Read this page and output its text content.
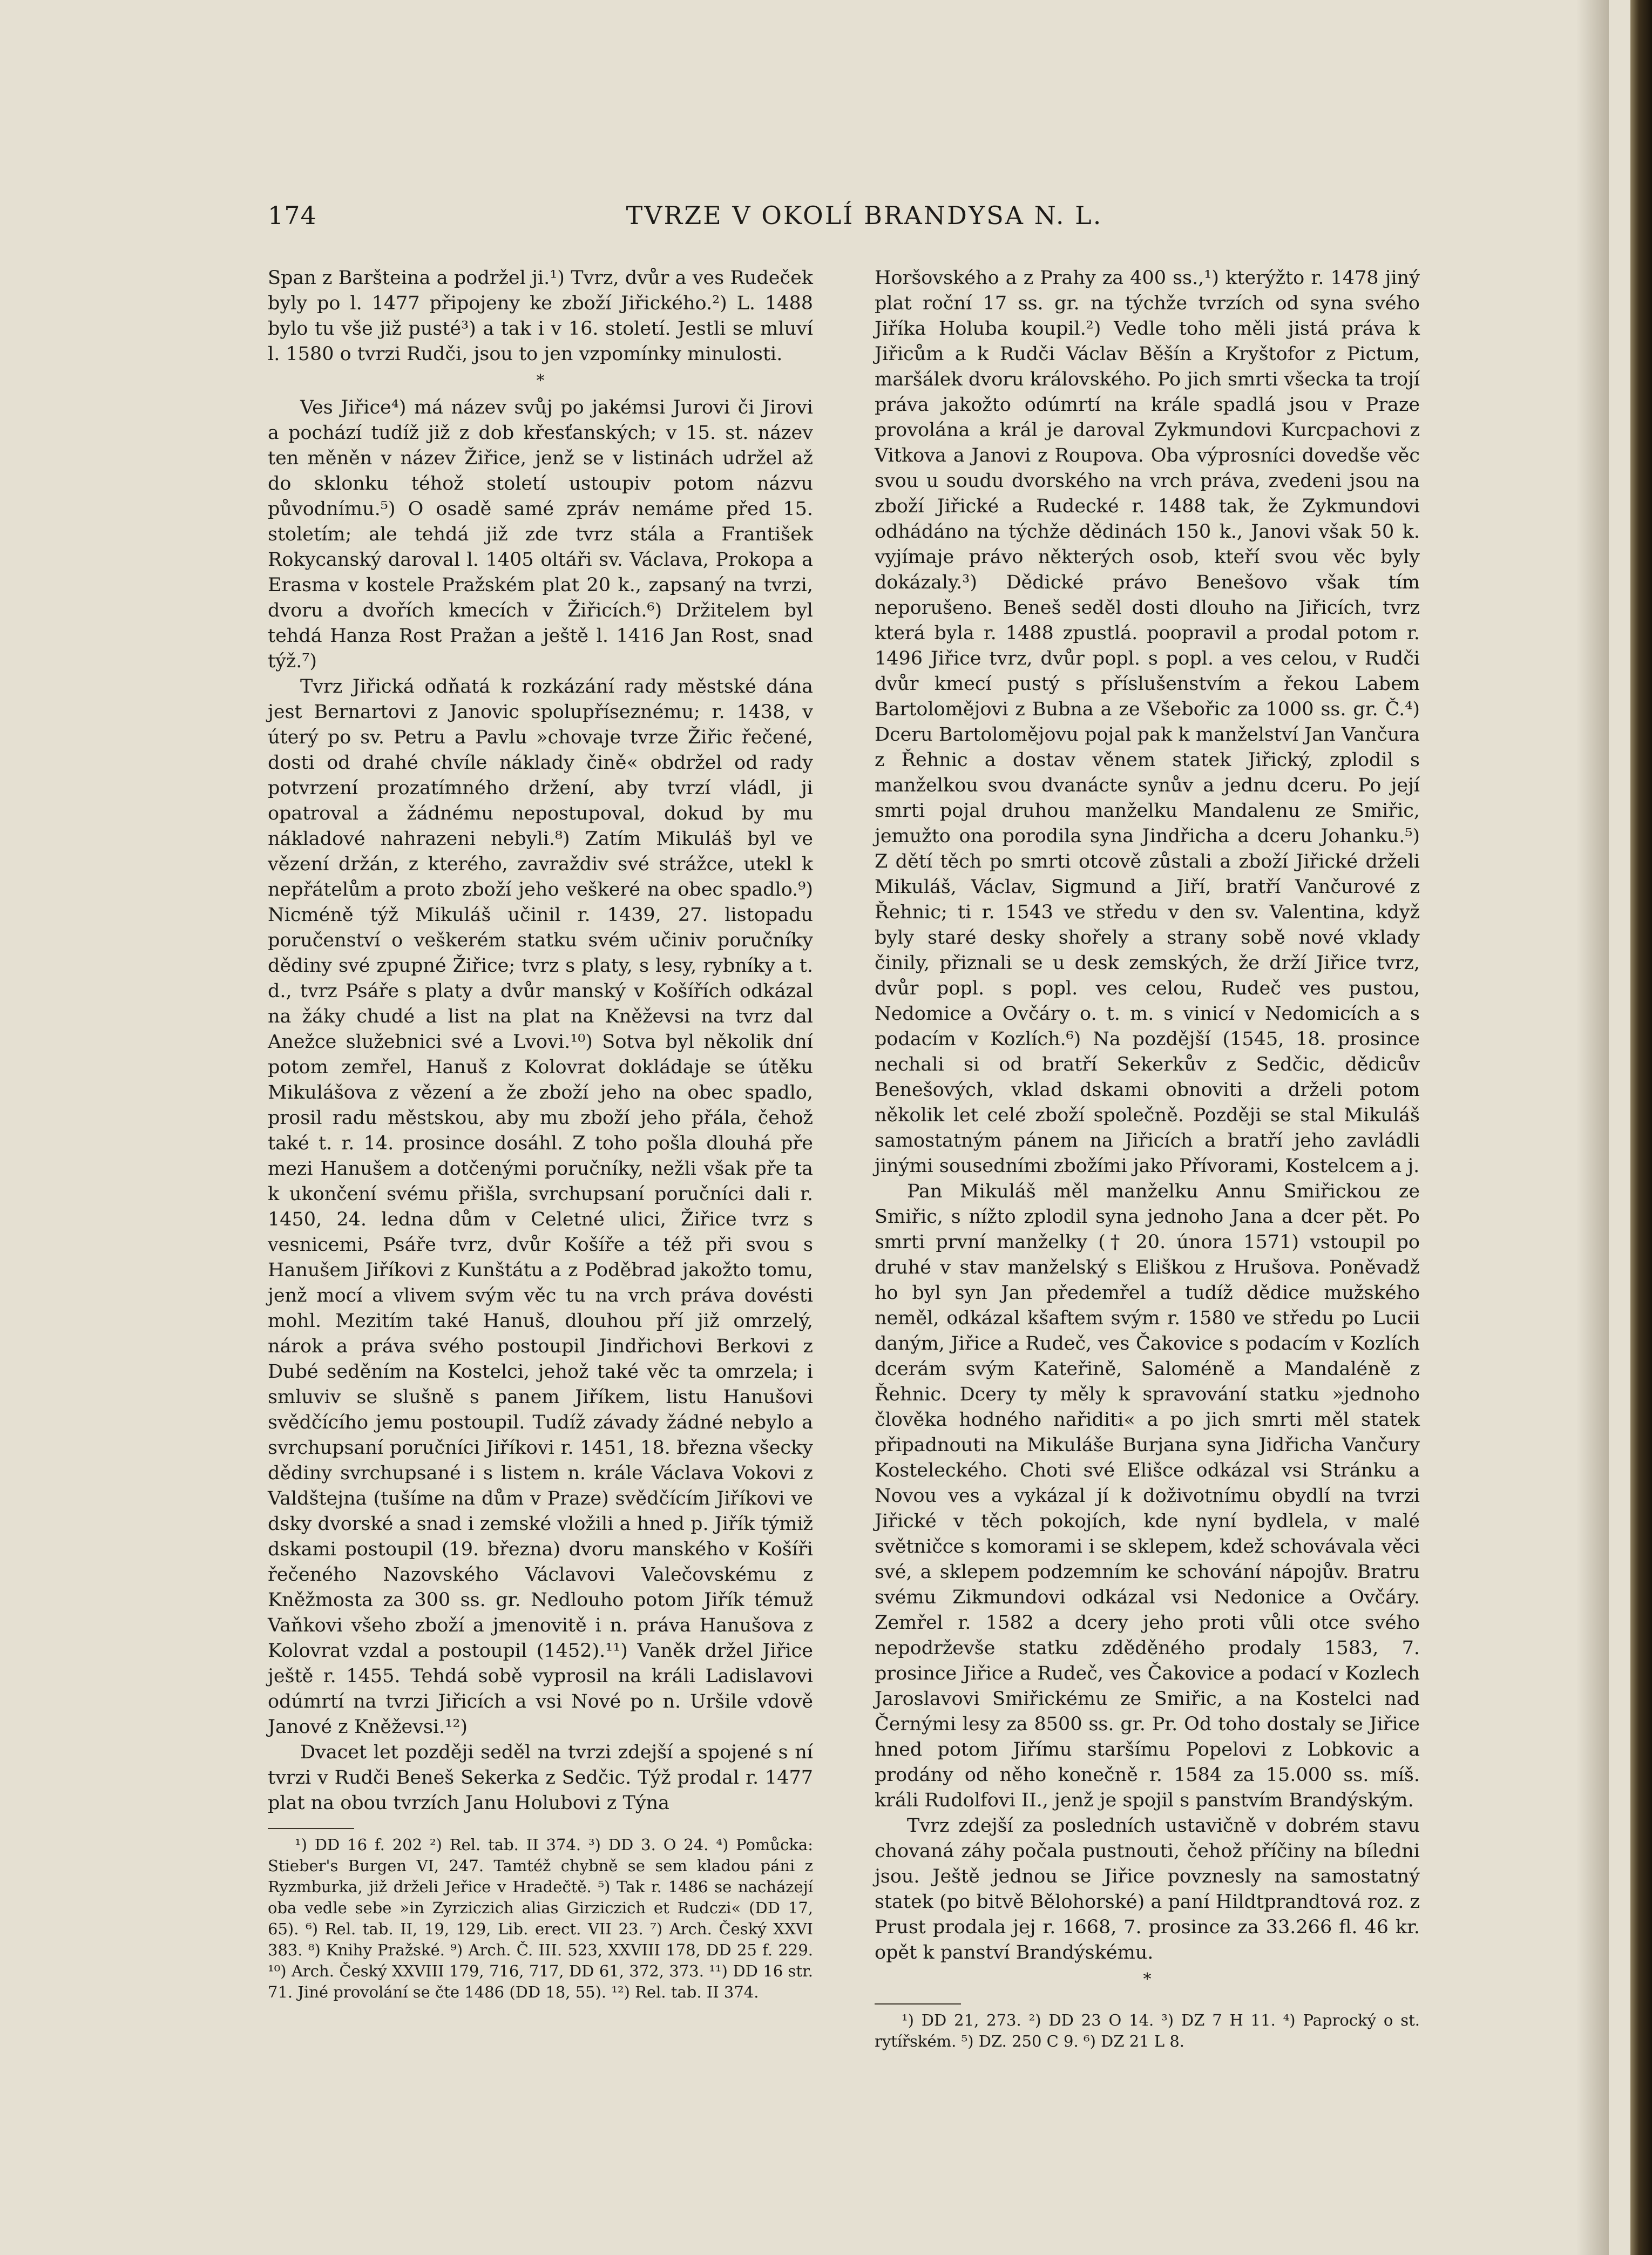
174	TVRZE V OKOLÍ BRANDYSA N. L.

Span z Baršteina a podržel ji.¹) Tvrz, dvůr a ves Rudeček byly po l. 1477 připojeny ke zboží Jiřického.²) L. 1488 bylo tu vše již pusté³) a tak i v 16. století. Jestli se mluví l. 1580 o tvrzi Rudči, jsou to jen vzpomínky minulosti.

*

Ves Jiřice⁴) má název svůj po jakémsi Jurovi či Jirovi a pochází tudíž již z dob křesťanských; v 15. st. název ten měněn v název Žiřice, jenž se v listinách udržel až do sklonku téhož století ustoupiv potom názvu původnímu.⁵) O osadě samé zpráv nemáme před 15. stoletím; ale tehdá již zde tvrz stála a František Rokycanský daroval l. 1405 oltáři sv. Václava, Prokopa a Erasma v kostele Pražském plat 20 k., zapsaný na tvrzi, dvoru a dvořích kmecích v Žiřicích.⁶) Držitelem byl tehdá Hanza Rost Pražan a ještě l. 1416 Jan Rost, snad týž.⁷)

Tvrz Jiřická odňatá k rozkázání rady městské dána jest Bernartovi z Janovic spolupříseznému; r. 1438, v úterý po sv. Petru a Pavlu »chovaje tvrze Žiřic řečené, dosti od drahé chvíle náklady čině« obdržel od rady potvrzení prozatímného držení, aby tvrzí vládl, ji opatroval a žádnému nepostupoval, dokud by mu nákladové nahrazeni nebyli.⁸) Zatím Mikuláš byl ve vězení držán, z kterého, zavraždiv své strážce, utekl k nepřátelům a proto zboží jeho veškeré na obec spadlo.⁹) Nicméně týž Mikuláš učinil r. 1439, 27. listopadu poručenství o veškerém statku svém učiniv poručníky dědiny své zpupné Žiřice; tvrz s platy, s lesy, rybníky a t. d., tvrz Psáře s platy a dvůr manský v Košířích odkázal na žáky chudé a list na plat na Kněževsi na tvrz dal Anežce služebnici své a Lvovi.¹⁰) Sotva byl několik dní potom zemřel, Hanuš z Kolovrat dokládaje se útěku Mikulášova z vězení a že zboží jeho na obec spadlo, prosil radu městskou, aby mu zboží jeho přála, čehož také t. r. 14. prosince dosáhl. Z toho pošla dlouhá pře mezi Hanušem a dotčenými poručníky, nežli však pře ta k ukončení svému přišla, svrchupsaní poručníci dali r. 1450, 24. ledna dům v Celetné ulici, Žiřice tvrz s vesnicemi, Psáře tvrz, dvůr Košíře a též při svou s Hanušem Jiříkovi z Kunštátu a z Poděbrad jakožto tomu, jenž mocí a vlivem svým věc tu na vrch práva dovésti mohl. Mezitím také Hanuš, dlouhou pří již omrzelý, nárok a práva svého postoupil Jindřichovi Berkovi z Dubé seděním na Kostelci, jehož také věc ta omrzela; i smluviv se slušně s panem Jiříkem, listu Hanušovi svědčícího jemu postoupil. Tudíž závady žádné nebylo a svrchupsaní poručníci Jiříkovi r. 1451, 18. března všecky dědiny svrchupsané i s listem n. krále Václava Vokovi z Valdštejna (tušíme na dům v Praze) svědčícím Jiříkovi ve dsky dvorské a snad i zemské vložili a hned p. Jiřík týmiž dskami postoupil (19. března) dvoru manského v Košíři řečeného Nazovského Václavovi Valečovskému z Kněžmosta za 300 ss. gr. Nedlouho potom Jiřík témuž Vaňkovi všeho zboží a jmenovitě i n. práva Hanušova z Kolovrat vzdal a postoupil (1452).¹¹) Vaněk držel Jiřice ještě r. 1455. Tehdá sobě vyprosil na králi Ladislavovi odúmrtí na tvrzi Jiřicích a vsi Nové po n. Uršile vdově Janové z Kněževsi.¹²)

Dvacet let později seděl na tvrzi zdejší a spojené s ní tvrzi v Rudči Beneš Sekerka z Sedčic. Týž prodal r. 1477 plat na obou tvrzích Janu Holubovi z Týna

¹) DD 16 f. 202 ²) Rel. tab. II 374. ³) DD 3. O 24. ⁴) Pomůcka: Stieber's Burgen VI, 247. Tamtéž chybně se sem kladou páni z Ryzmburka, již drželi Jeřice v Hradečtě. ⁵) Tak r. 1486 se nacházejí oba vedle sebe »in Zyrziczich alias Girziczich et Rudczi« (DD 17, 65). ⁶) Rel. tab. II, 19, 129, Lib. erect. VII 23. ⁷) Arch. Český XXVI 383. ⁸) Knihy Pražské. ⁹) Arch. Č. III. 523, XXVIII 178, DD 25 f. 229. ¹⁰) Arch. Český XXVIII 179, 716, 717, DD 61, 372, 373. ¹¹) DD 16 str. 71. Jiné provolání se čte 1486 (DD 18, 55). ¹²) Rel. tab. II 374.

Horšovského a z Prahy za 400 ss.,¹) kterýžto r. 1478 jiný plat roční 17 ss. gr. na týchže tvrzích od syna svého Jiříka Holuba koupil.²) Vedle toho měli jistá práva k Jiřicům a k Rudči Václav Běšín a Kryštofor z Pictum, maršálek dvoru královského. Po jich smrti všecka ta trojí práva jakožto odúmrtí na krále spadlá jsou v Praze provolána a král je daroval Zykmundovi Kurcpachovi z Vitkova a Janovi z Roupova. Oba výprosníci dovedše věc svou u soudu dvorského na vrch práva, zvedeni jsou na zboží Jiřické a Rudecké r. 1488 tak, že Zykmundovi odhádáno na týchže dědinách 150 k., Janovi však 50 k. vyjímaje právo některých osob, kteří svou věc byly dokázaly.³) Dědické právo Benešovo však tím neporušeno. Beneš seděl dosti dlouho na Jiřicích, tvrz která byla r. 1488 zpustlá. poopravil a prodal potom r. 1496 Jiřice tvrz, dvůr popl. s popl. a ves celou, v Rudči dvůr kmecí pustý s příslušenstvím a řekou Labem Bartolomějovi z Bubna a ze Všebořic za 1000 ss. gr. Č.⁴) Dceru Bartolomějovu pojal pak k manželství Jan Vančura z Řehnic a dostav věnem statek Jiřický, zplodil s manželkou svou dvanácte synův a jednu dceru. Po její smrti pojal druhou manželku Mandalenu ze Smiřic, jemužto ona porodila syna Jindřicha a dceru Johanku.⁵) Z dětí těch po smrti otcově zůstali a zboží Jiřické drželi Mikuláš, Václav, Sigmund a Jiří, bratří Vančurové z Řehnic; ti r. 1543 ve středu v den sv. Valentina, když byly staré desky shořely a strany sobě nové vklady činily, přiznali se u desk zemských, že drží Jiřice tvrz, dvůr popl. s popl. ves celou, Rudeč ves pustou, Nedomice a Ovčáry o. t. m. s vinicí v Nedomicích a s podacím v Kozlích.⁶) Na pozdější (1545, 18. prosince nechali si od bratří Sekerkův z Sedčic, dědicův Benešových, vklad dskami obnoviti a drželi potom několik let celé zboží společně. Později se stal Mikuláš samostatným pánem na Jiřicích a bratří jeho zavládli jinými sousedními zbožími jako Přívorami, Kostelcem a j.

Pan Mikuláš měl manželku Annu Smiřickou ze Smiřic, s nížto zplodil syna jednoho Jana a dcer pět. Po smrti první manželky († 20. února 1571) vstoupil po druhé v stav manželský s Eliškou z Hrušova. Poněvadž ho byl syn Jan předemřel a tudíž dědice mužského neměl, odkázal kšaftem svým r. 1580 ve středu po Lucii daným, Jiřice a Rudeč, ves Čakovice s podacím v Kozlích dcerám svým Kateřině, Saloméně a Mandaléně z Řehnic. Dcery ty měly k spravování statku »jednoho člověka hodného nařiditi« a po jich smrti měl statek připadnouti na Mikuláše Burjana syna Jidřicha Vančury Kosteleckého. Choti své Elišce odkázal vsi Stránku a Novou ves a vykázal jí k doživotnímu obydlí na tvrzi Jiřické v těch pokojích, kde nyní bydlela, v malé světničce s komorami i se sklepem, kdež schovávala věci své, a sklepem podzemním ke schování nápojův. Bratru svému Zikmundovi odkázal vsi Nedonice a Ovčáry. Zemřel r. 1582 a dcery jeho proti vůli otce svého nepodrževše statku zděděného prodaly 1583, 7. prosince Jiřice a Rudeč, ves Čakovice a podací v Kozlech Jaroslavovi Smiřickému ze Smiřic, a na Kostelci nad Černými lesy za 8500 ss. gr. Pr. Od toho dostaly se Jiřice hned potom Jiřímu staršímu Popelovi z Lobkovic a prodány od něho konečně r. 1584 za 15.000 ss. míš. králi Rudolfovi II., jenž je spojil s panstvím Brandýským.

Tvrz zdejší za posledních ustavičně v dobrém stavu chovaná záhy počala pustnouti, čehož příčiny na bíledni jsou. Ještě jednou se Jiřice povznesly na samostatný statek (po bitvě Bělohorské) a paní Hildtprandtová roz. z Prust prodala jej r. 1668, 7. prosince za 33.266 fl. 46 kr. opět k panství Brandýskému.

*

¹) DD 21, 273. ²) DD 23 O 14. ³) DZ 7 H 11. ⁴) Paprocký o st. rytířském. ⁵) DZ. 250 C 9. ⁶) DZ 21 L 8.
